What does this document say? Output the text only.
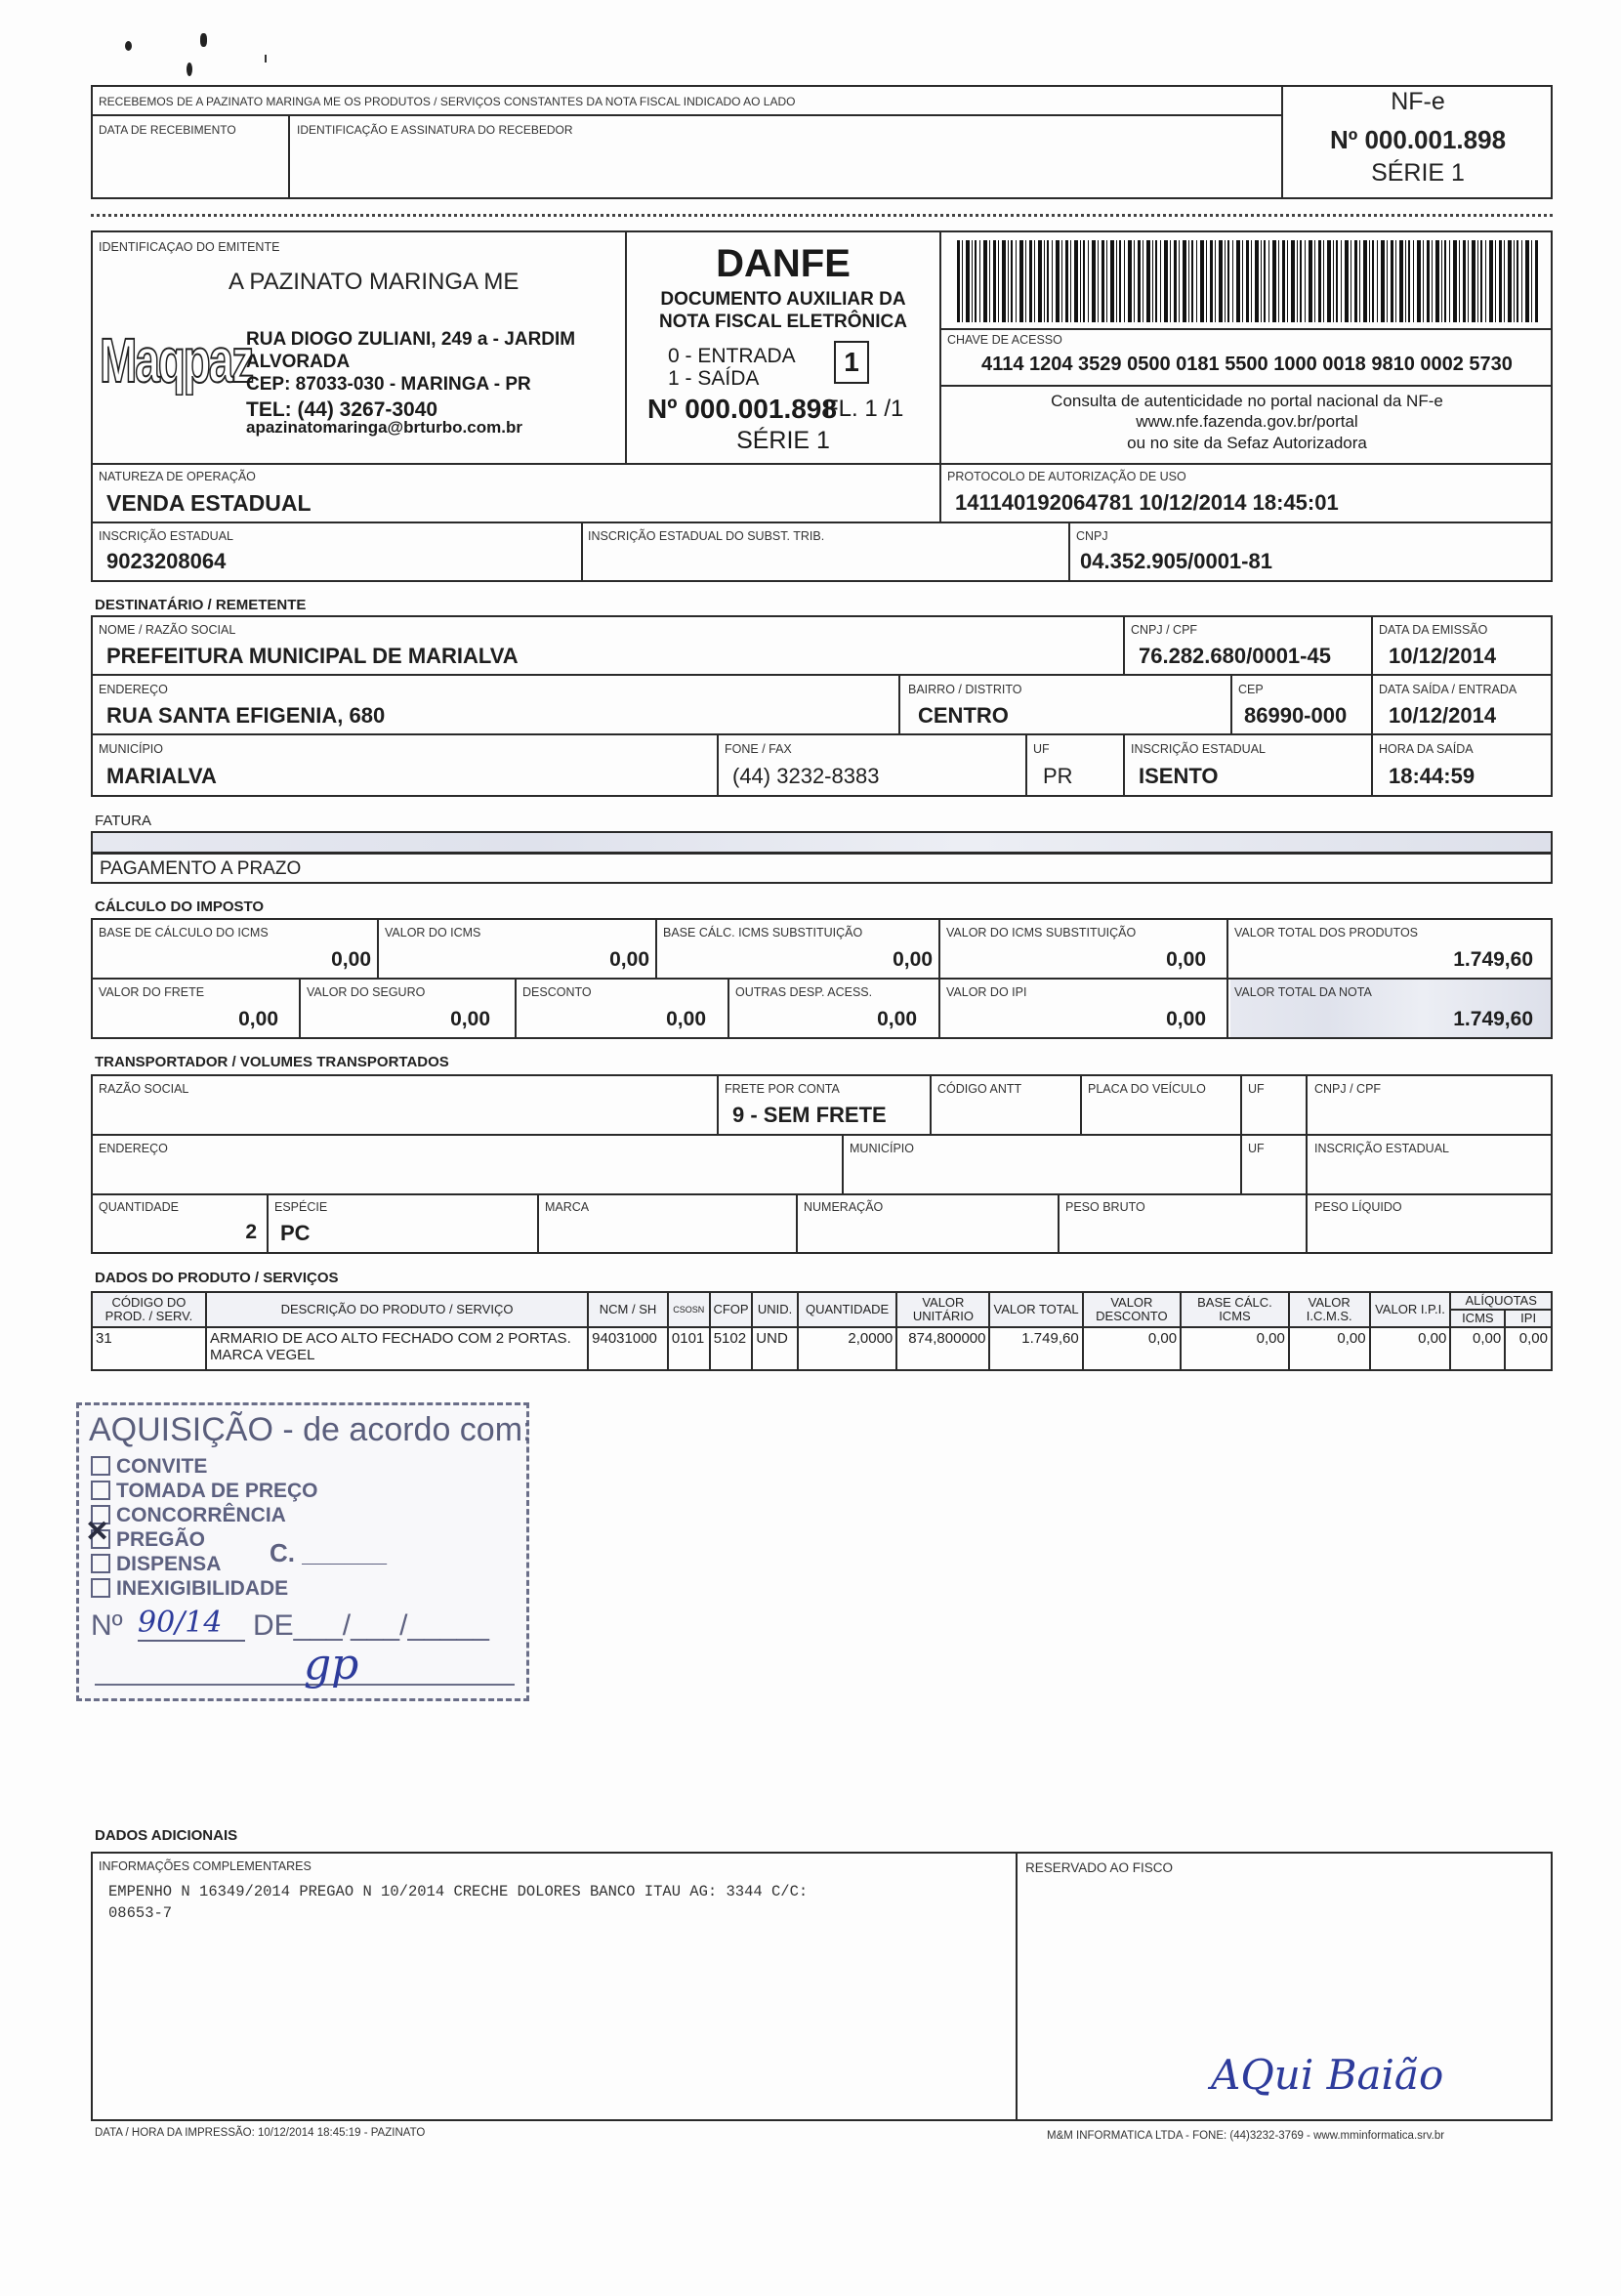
RECEBEMOS DE A PAZINATO MARINGA ME OS PRODUTOS / SERVIÇOS CONSTANTES DA NOTA FISCAL INDICADO AO LADO
DATA DE RECEBIMENTO	IDENTIFICAÇÃO E ASSINATURA DO RECEBEDOR
NF-e
Nº 000.001.898
SÉRIE 1
IDENTIFICAÇAO DO EMITENTE
A PAZINATO MARINGA ME
Maqpaz
RUA DIOGO ZULIANI, 249 a - JARDIM
ALVORADA
CEP: 87033-030 - MARINGA - PR
TEL: (44) 3267-3040
apazinatomaringa@brturbo.com.br
DANFE
DOCUMENTO AUXILIAR DA
NOTA FISCAL ELETRÔNICA
0 - ENTRADA
1 - SAÍDA
1
Nº 000.001.898
FL. 1 /1
SÉRIE 1
CHAVE DE ACESSO
4114 1204 3529 0500 0181 5500 1000 0018 9810 0002 5730
Consulta de autenticidade no portal nacional da NF-e
www.nfe.fazenda.gov.br/portal
ou no site da Sefaz Autorizadora
NATUREZA DE OPERAÇÃO
VENDA ESTADUAL
PROTOCOLO DE AUTORIZAÇÃO DE USO
141140192064781 10/12/2014 18:45:01
INSCRIÇÃO ESTADUAL
9023208064
INSCRIÇÃO ESTADUAL DO SUBST. TRIB.	CNPJ
04.352.905/0001-81
DESTINATÁRIO / REMETENTE
NOME / RAZÃO SOCIAL
PREFEITURA MUNICIPAL DE MARIALVA
CNPJ / CPF
76.282.680/0001-45
DATA DA EMISSÃO
10/12/2014
ENDEREÇO
RUA SANTA EFIGENIA, 680
BAIRRO / DISTRITO
CENTRO
CEP
86990-000
DATA SAÍDA / ENTRADA
10/12/2014
MUNICÍPIO
MARIALVA
FONE / FAX
(44) 3232-8383
UF
PR
INSCRIÇÃO ESTADUAL
ISENTO
HORA DA SAÍDA
18:44:59
FATURA
PAGAMENTO A PRAZO
CÁLCULO DO IMPOSTO
BASE DE CÁLCULO DO ICMS
0,00
VALOR DO ICMS
0,00
BASE CÁLC. ICMS SUBSTITUIÇÃO
0,00
VALOR DO ICMS SUBSTITUIÇÃO
0,00
VALOR TOTAL DOS PRODUTOS
1.749,60
VALOR DO FRETE
0,00
VALOR DO SEGURO
0,00
DESCONTO
0,00
OUTRAS DESP. ACESS.
0,00
VALOR DO IPI
0,00
VALOR TOTAL DA NOTA
1.749,60
TRANSPORTADOR / VOLUMES TRANSPORTADOS
RAZÃO SOCIAL	FRETE POR CONTA
9 - SEM FRETE
CÓDIGO ANTT	PLACA DO VEÍCULO	UF	CNPJ / CPF
ENDEREÇO	MUNICÍPIO	UF	INSCRIÇÃO ESTADUAL
QUANTIDADE
2
ESPÉCIE
PC
MARCA	NUMERAÇÃO	PESO BRUTO	PESO LÍQUIDO
DADOS DO PRODUTO / SERVIÇOS
CÓDIGO DO PROD. / SERV.	DESCRIÇÃO DO PRODUTO / SERVIÇO	NCM / SH	CSOSN	CFOP	UNID.	QUANTIDADE	VALOR UNITÁRIO	VALOR TOTAL	VALOR DESCONTO	BASE CÁLC. ICMS	VALOR I.C.M.S.	VALOR I.P.I.	ALÍQUOTAS	
													ICMS	IPI
31	ARMARIO DE ACO ALTO FECHADO COM 2 PORTAS. MARCA VEGEL	94031000	0101	5102	UND	2,0000	874,800000	1.749,60	0,00	0,00	0,00	0,00	0,00	0,00
AQUISIÇÃO - de acordo com:
CONVITE
TOMADA DE PREÇO
CONCORRÊNCIA
✕PREGÃO
DISPENSA
INEXIGIBILIDADE
C. ______
Nº 90/14	DE___/___/_____
gp
DADOS ADICIONAIS
INFORMAÇÕES COMPLEMENTARES
EMPENHO N 16349/2014 PREGAO N 10/2014 CRECHE DOLORES BANCO ITAU AG: 3344 C/C:
08653-7
RESERVADO AO FISCO
AQui Baião
DATA / HORA DA IMPRESSÃO: 10/12/2014 18:45:19 - PAZINATO	M&M INFORMATICA LTDA - FONE: (44)3232-3769 - www.mminformatica.srv.br
